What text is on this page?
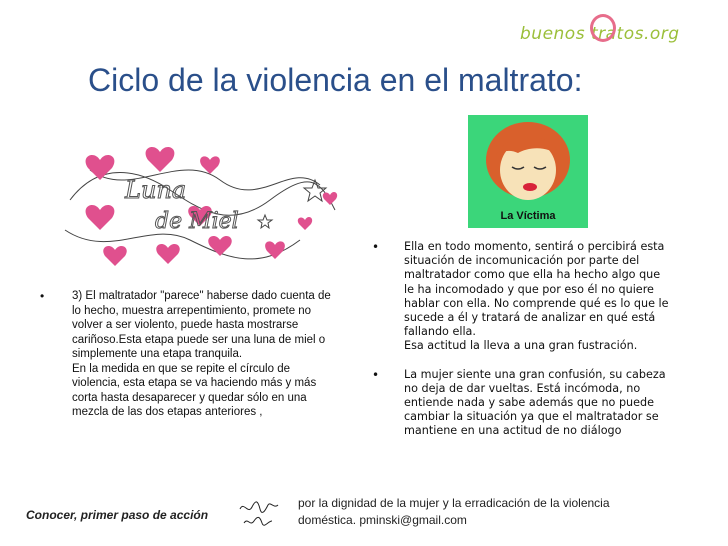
buenos tratos.org
Ciclo de la violencia en el maltrato:
Luna
de Miel	La Víctima
• 3) El maltratador "parece" haberse dado cuenta de lo hecho, muestra arrepentimiento, promete no volver a ser violento, puede hasta mostrarse cariñoso.Esta etapa puede ser una luna de miel o simplemente una etapa tranquila.
En la medida en que se repite el círculo de violencia, esta etapa se va haciendo más y más corta hasta desaparecer y quedar sólo en una mezcla de las dos etapas anteriores ,
• Ella en todo momento, sentirá o percibirá esta situación de incomunicación por parte del maltratador como que ella ha hecho algo que le ha incomodado y que por eso él no quiere hablar con ella. No comprende qué es lo que le sucede a él y tratará de analizar en qué está fallando ella.
Esa actitud la lleva a una gran fustración.
• La mujer siente una gran confusión, su cabeza no deja de dar vueltas. Está incómoda, no entiende nada y sabe además que no puede cambiar la situación ya que el maltratador se mantiene en una actitud de no diálogo
Conocer, primer paso de acción
por la dignidad de la mujer y la erradicación de la violencia
doméstica. pminski@gmail.com
